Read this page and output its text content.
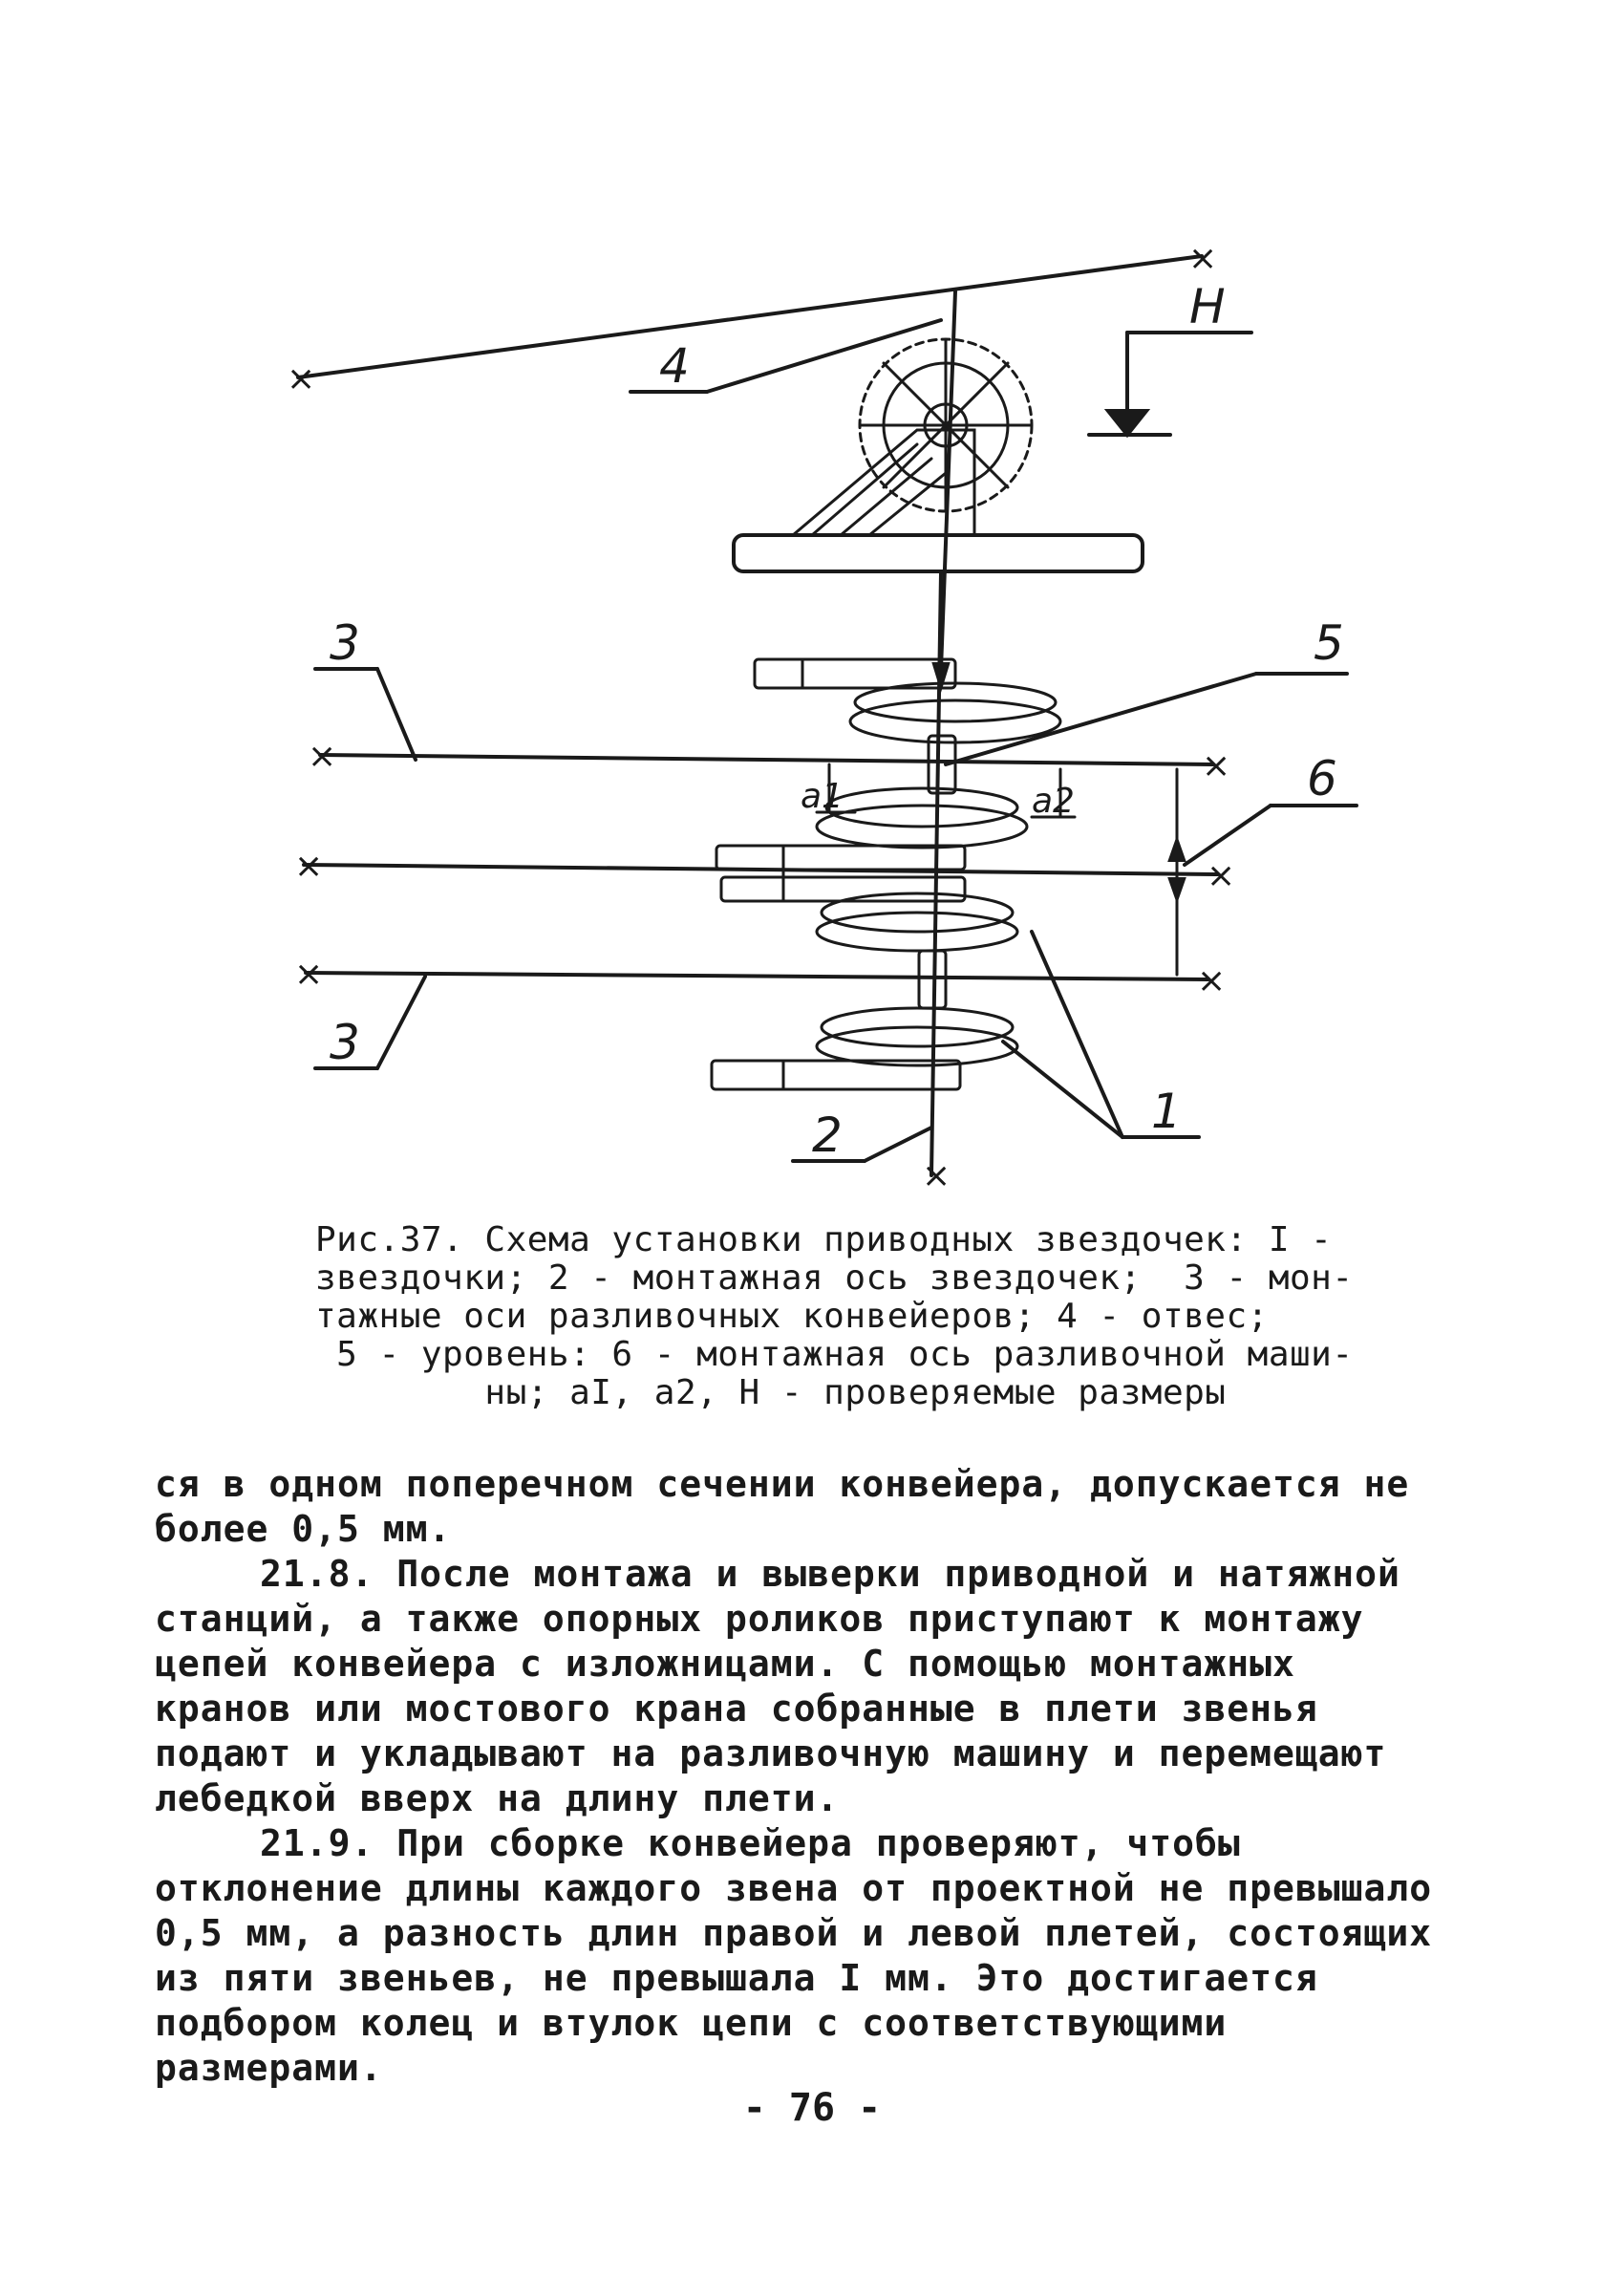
×
×
×
×
×
×
×
×
×
4
H
3	5
6
3
1
2
a1	a2
Рис.37. Схема установки приводных звездочек: I -
звездочки; 2 - монтажная ось звездочек;  3 - мон-
тажные оси разливочных конвейеров; 4 - отвес;
5 - уровень: 6 - монтажная ось разливочной маши-
ны; aI, a2, H - проверяемые размеры

ся в одном поперечном сечении конвейера, допускается не более 0,5 мм.

21.8. После монтажа и выверки приводной и натяжной станций, а также опорных роликов приступают к монтажу цепей конвейера с изложницами. С помощью монтажных кранов или мостового крана собранные в плети звенья подают и укладывают на разливочную машину и перемещают лебедкой вверх на длину плети.

21.9. При сборке конвейера проверяют, чтобы отклонение длины каждого звена от проектной не превышало 0,5 мм, а разность длин правой и левой плетей, состоящих из пяти звеньев, не превышала I мм. Это достигается подбором колец и втулок цепи с соответствующими размерами.

- 76 -
